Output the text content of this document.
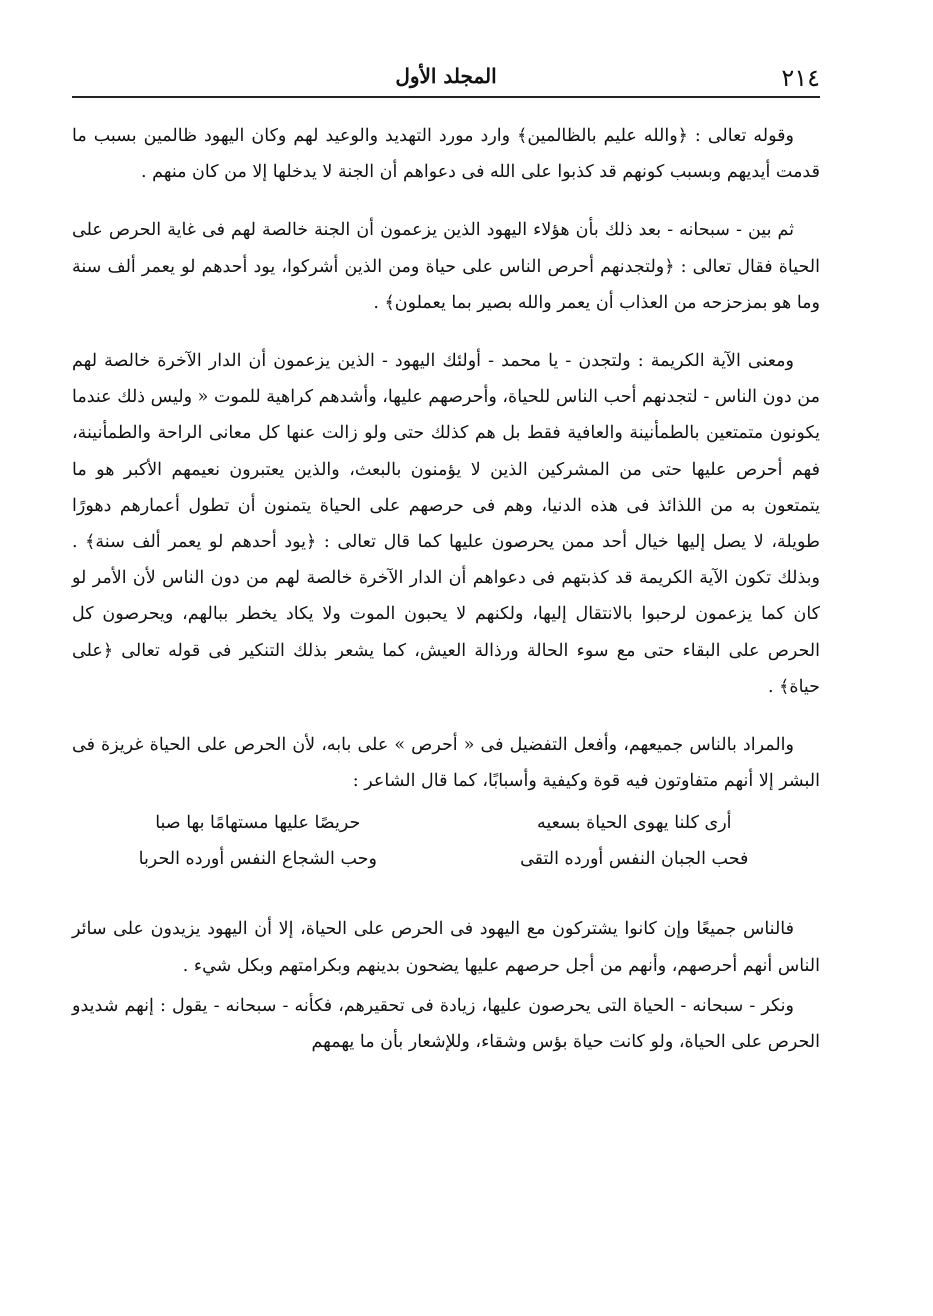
٢١٤
المجلد الأول

وقوله تعالى : ﴿والله عليم بالظالمين﴾ وارد مورد التهديد والوعيد لهم وكان اليهود ظالمين بسبب ما قدمت أيديهم وبسبب كونهم قد كذبوا على الله فى دعواهم أن الجنة لا يدخلها إلا من كان منهم .

ثم بين - سبحانه - بعد ذلك بأن هؤلاء اليهود الذين يزعمون أن الجنة خالصة لهم فى غاية الحرص على الحياة فقال تعالى : ﴿ولتجدنهم أحرص الناس على حياة ومن الذين أشركوا، يود أحدهم لو يعمر ألف سنة وما هو بمزحزحه من العذاب أن يعمر والله بصير بما يعملون﴾ .

ومعنى الآية الكريمة : ولتجدن - يا محمد - أولئك اليهود - الذين يزعمون أن الدار الآخرة خالصة لهم من دون الناس - لتجدنهم أحب الناس للحياة، وأحرصهم عليها، وأشدهم كراهية للموت « وليس ذلك عندما يكونون متمتعين بالطمأنينة والعافية فقط بل هم كذلك حتى ولو زالت عنها كل معانى الراحة والطمأنينة، فهم أحرص عليها حتى من المشركين الذين لا يؤمنون بالبعث، والذين يعتبرون نعيمهم الأكبر هو ما يتمتعون به من اللذائذ فى هذه الدنيا، وهم فى حرصهم على الحياة يتمنون أن تطول أعمارهم دهورًا طويلة، لا يصل إليها خيال أحد ممن يحرصون عليها كما قال تعالى : ﴿يود أحدهم لو يعمر ألف سنة﴾ . وبذلك تكون الآية الكريمة قد كذبتهم فى دعواهم أن الدار الآخرة خالصة لهم من دون الناس لأن الأمر لو كان كما يزعمون لرحبوا بالانتقال إليها، ولكنهم لا يحبون الموت ولا يكاد يخطر ببالهم، ويحرصون كل الحرص على البقاء حتى مع سوء الحالة ورذالة العيش، كما يشعر بذلك التنكير فى قوله تعالى ﴿على حياة﴾ .

والمراد بالناس جميعهم، وأفعل التفضيل فى « أحرص » على بابه، لأن الحرص على الحياة غريزة فى البشر إلا أنهم متفاوتون فيه قوة وكيفية وأسبابًا، كما قال الشاعر :

أرى كلنا يهوى الحياة بسعيه
حريصًا عليها مستهامًا بها صبا
فحب الجبان النفس أورده التقى
وحب الشجاع النفس أورده الحربا

فالناس جميعًا وإن كانوا يشتركون مع اليهود فى الحرص على الحياة، إلا أن اليهود يزيدون على سائر الناس أنهم أحرصهم، وأنهم من أجل حرصهم عليها يضحون بدينهم وبكرامتهم وبكل شيء .

ونكر - سبحانه - الحياة التى يحرصون عليها، زيادة فى تحقيرهم، فكأنه - سبحانه - يقول : إنهم شديدو الحرص على الحياة، ولو كانت حياة بؤس وشقاء، وللإشعار بأن ما يهمهم
